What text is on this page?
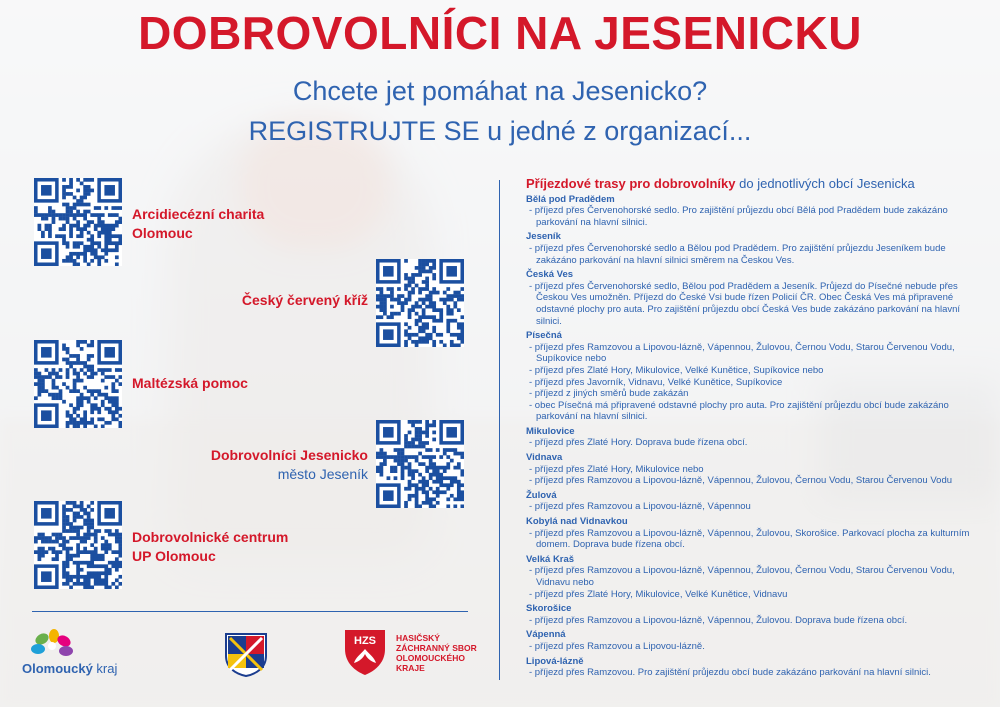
DOBROVOLNÍCI NA JESENICKU

Chcete jet pomáhat na Jesenicko?

REGISTRUJTE SE u jedné z organizací...

Arcidiecézní charita
Olomouc
Český červený kříž
Maltézská pomoc
Dobrovolníci Jesenicko
město Jeseník
Dobrovolnické centrum
UP Olomouc
Příjezdové trasy pro dobrovolníky do jednotlivých obcí Jesenicka
Bělá pod Pradědem
- příjezd přes Červenohorské sedlo. Pro zajištění průjezdu obcí Bělá pod Pradědem bude zakázáno parkování na hlavní silnici.
Jeseník
- příjezd přes Červenohorské sedlo a Bělou pod Pradědem. Pro zajištění průjezdu Jeseníkem bude zakázáno parkování na hlavní silnici směrem na Českou Ves.
Česká Ves
- příjezd přes Červenohorské sedlo, Bělou pod Pradědem a Jeseník. Průjezd do Písečné nebude přes Českou Ves umožněn. Příjezd do České Vsi bude řízen Policií ČR. Obec Česká Ves má připravené odstavné plochy pro auta. Pro zajištění průjezdu obcí Česká Ves bude zakázáno parkování na hlavní silnici.
Písečná
- příjezd přes Ramzovou a Lipovou-lázně, Vápennou, Žulovou, Černou Vodu, Starou Červenou Vodu, Supíkovice nebo
- příjezd přes Zlaté Hory, Mikulovice, Velké Kunětice, Supíkovice nebo
- příjezd přes Javorník, Vidnavu, Velké Kunětice, Supíkovice
- příjezd z jiných směrů bude zakázán
- obec Písečná má připravené odstavné plochy pro auta. Pro zajištění průjezdu obcí bude zakázáno parkování na hlavní silnici.
Mikulovice
- příjezd přes Zlaté Hory. Doprava bude řízena obcí.
Vidnava
- příjezd přes Zlaté Hory, Mikulovice nebo
- příjezd přes Ramzovou a Lipovou-lázně, Vápennou, Žulovou, Černou Vodu, Starou Červenou Vodu
Žulová
- příjezd přes Ramzovou a Lipovou-lázně, Vápennou
Kobylá nad Vidnavkou
- příjezd přes Ramzovou a Lipovou-lázně, Vápennou, Žulovou, Skorošice. Parkovací plocha za kulturním domem. Doprava bude řízena obcí.
Velká Kraš
- příjezd přes Ramzovou a Lipovou-lázně, Vápennou, Žulovou, Černou Vodu, Starou Červenou Vodu, Vidnavu nebo
- příjezd přes Zlaté Hory, Mikulovice, Velké Kunětice, Vidnavu
Skorošice
- příjezd přes Ramzovou a Lipovou-lázně, Vápennou, Žulovou. Doprava bude řízena obcí.
Vápenná
- příjezd přes Ramzovou a Lipovou-lázně.
Lipová-lázně
- příjezd přes Ramzovou. Pro zajištění průjezdu obcí bude zakázáno parkování na hlavní silnici.
Olomoucký kraj
HZS HASIČSKÝ
ZÁCHRANNÝ SBOR
OLOMOUCKÉHO
KRAJE
